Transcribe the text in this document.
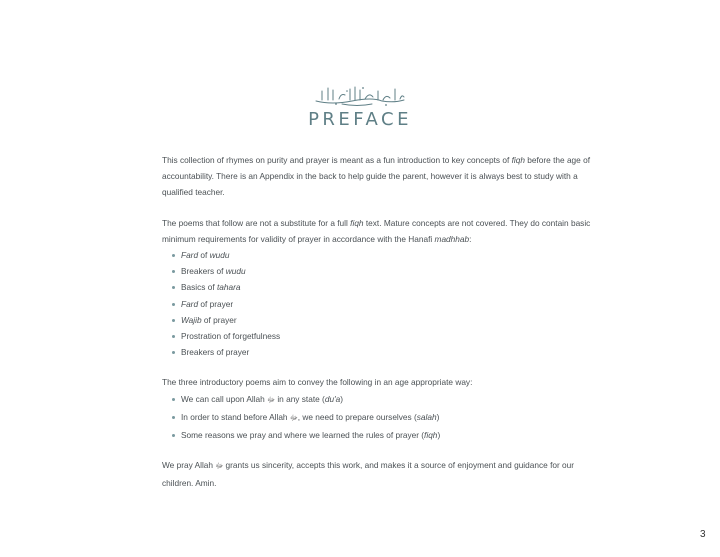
PREFACE

This collection of rhymes on purity and prayer is meant as a fun introduction to key concepts of fiqh before the age of accountability. There is an Appendix in the back to help guide the parent, however it is always best to study with a qualified teacher.

The poems that follow are not a substitute for a full fiqh text. Mature concepts are not covered. They do contain basic minimum requirements for validity of prayer in accordance with the Hanafi madhhab:

Fard of wudu
Breakers of wudu
Basics of tahara
Fard of prayer
Wajib of prayer
Prostration of forgetfulness
Breakers of prayer

The three introductory poems aim to convey the following in an age appropriate way:

We can call upon Allah ﷻ in any state (du'a)
In order to stand before Allah ﷻ, we need to prepare ourselves (salah)
Some reasons we pray and where we learned the rules of prayer (fiqh)

We pray Allah ﷻ grants us sincerity, accepts this work, and makes it a source of enjoyment and guidance for our children. Amin.

3
